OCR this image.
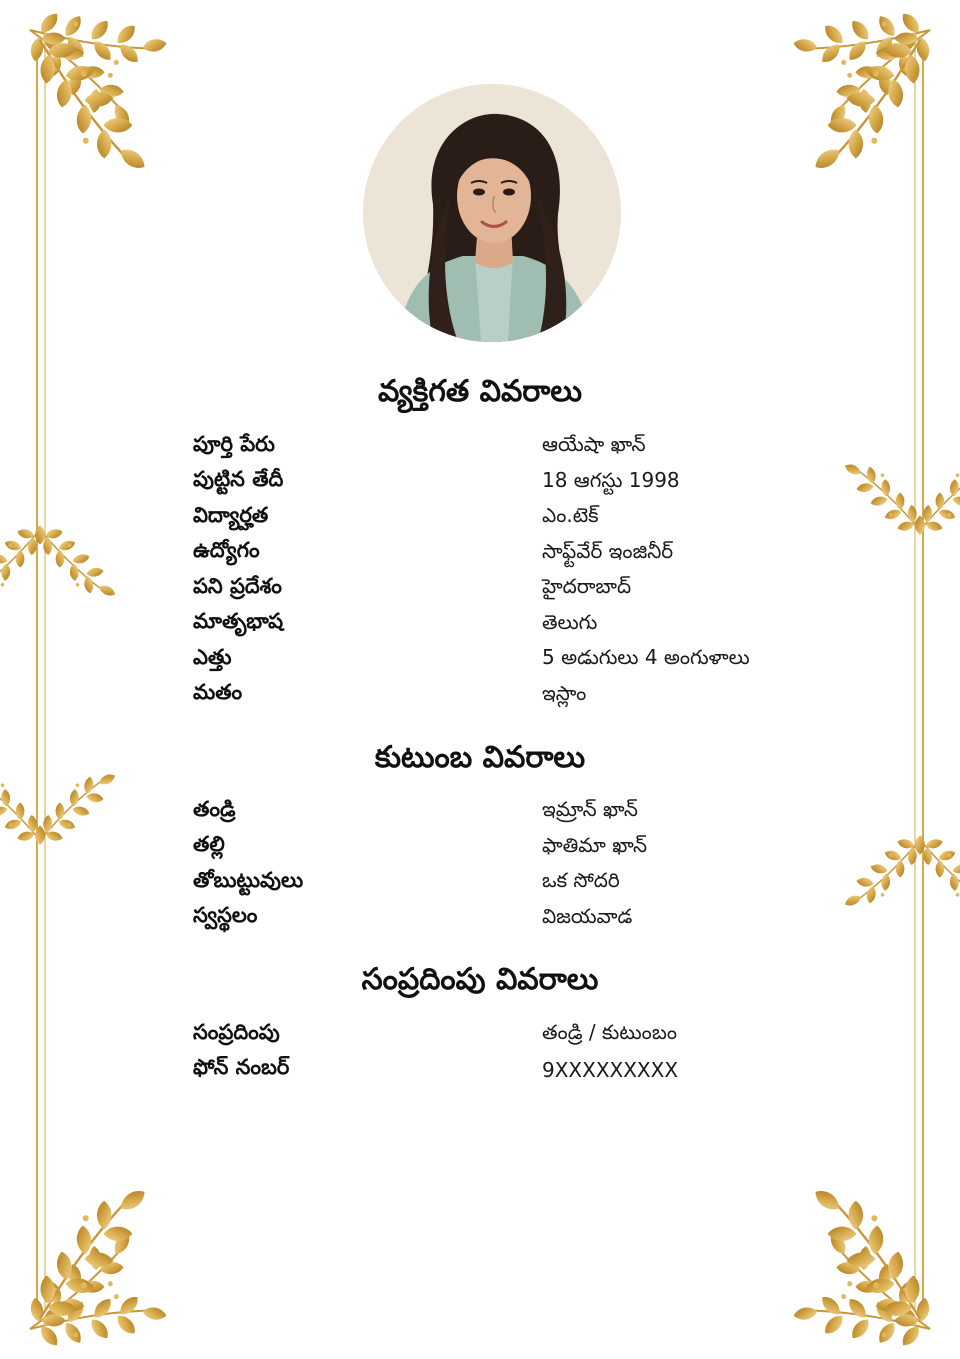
వ్యక్తిగత వివరాలు
పూర్తి పేరు	ఆయేషా ఖాన్
పుట్టిన తేదీ	18 ఆగస్టు 1998
విద్యార్హత	ఎం.టెక్
ఉద్యోగం	సాఫ్ట్‌వేర్ ఇంజినీర్
పని ప్రదేశం	హైదరాబాద్
మాతృభాష	తెలుగు
ఎత్తు	5 అడుగులు 4 అంగుళాలు
మతం	ఇస్లాం
కుటుంబ వివరాలు
తండ్రి	ఇమ్రాన్ ఖాన్
తల్లి	ఫాతిమా ఖాన్
తోబుట్టువులు	ఒక సోదరి
స్వస్థలం	విజయవాడ
సంప్రదింపు వివరాలు
సంప్రదింపు	తండ్రి / కుటుంబం
ఫోన్ నంబర్	9XXXXXXXXX
